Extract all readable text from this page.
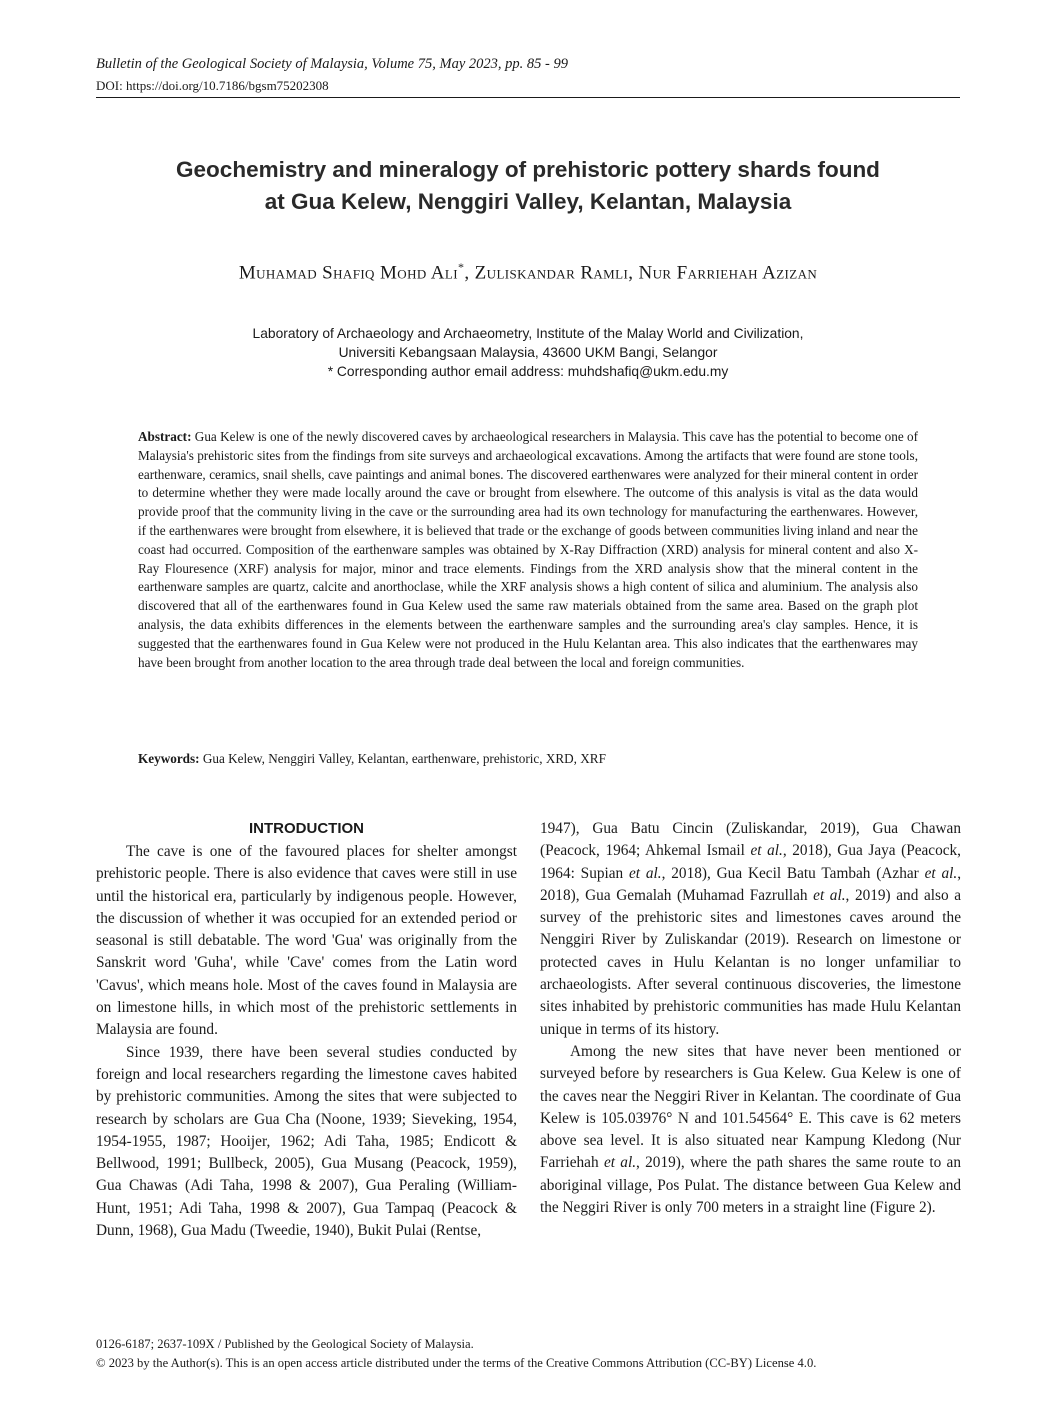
Bulletin of the Geological Society of Malaysia, Volume 75, May 2023, pp. 85 - 99
DOI: https://doi.org/10.7186/bgsm75202308
Geochemistry and mineralogy of prehistoric pottery shards found
at Gua Kelew, Nenggiri Valley, Kelantan, Malaysia
Muhamad Shafiq Mohd Ali*, Zuliskandar Ramli, Nur Farriehah Azizan
Laboratory of Archaeology and Archaeometry, Institute of the Malay World and Civilization,
Universiti Kebangsaan Malaysia, 43600 UKM Bangi, Selangor
* Corresponding author email address: muhdshafiq@ukm.edu.my
Abstract: Gua Kelew is one of the newly discovered caves by archaeological researchers in Malaysia. This cave has the potential to become one of Malaysia's prehistoric sites from the findings from site surveys and archaeological excavations. Among the artifacts that were found are stone tools, earthenware, ceramics, snail shells, cave paintings and animal bones. The discovered earthenwares were analyzed for their mineral content in order to determine whether they were made locally around the cave or brought from elsewhere. The outcome of this analysis is vital as the data would provide proof that the community living in the cave or the surrounding area had its own technology for manufacturing the earthenwares. However, if the earthenwares were brought from elsewhere, it is believed that trade or the exchange of goods between communities living inland and near the coast had occurred. Composition of the earthenware samples was obtained by X-Ray Diffraction (XRD) analysis for mineral content and also X-Ray Flouresence (XRF) analysis for major, minor and trace elements. Findings from the XRD analysis show that the mineral content in the earthenware samples are quartz, calcite and anorthoclase, while the XRF analysis shows a high content of silica and aluminium. The analysis also discovered that all of the earthenwares found in Gua Kelew used the same raw materials obtained from the same area. Based on the graph plot analysis, the data exhibits differences in the elements between the earthenware samples and the surrounding area's clay samples. Hence, it is suggested that the earthenwares found in Gua Kelew were not produced in the Hulu Kelantan area. This also indicates that the earthenwares may have been brought from another location to the area through trade deal between the local and foreign communities.
Keywords: Gua Kelew, Nenggiri Valley, Kelantan, earthenware, prehistoric, XRD, XRF
INTRODUCTION

The cave is one of the favoured places for shelter amongst prehistoric people. There is also evidence that caves were still in use until the historical era, particularly by indigenous people. However, the discussion of whether it was occupied for an extended period or seasonal is still debatable. The word 'Gua' was originally from the Sanskrit word 'Guha', while 'Cave' comes from the Latin word 'Cavus', which means hole. Most of the caves found in Malaysia are on limestone hills, in which most of the prehistoric settlements in Malaysia are found.

Since 1939, there have been several studies conducted by foreign and local researchers regarding the limestone caves habited by prehistoric communities. Among the sites that were subjected to research by scholars are Gua Cha (Noone, 1939; Sieveking, 1954, 1954-1955, 1987; Hooijer, 1962; Adi Taha, 1985; Endicott & Bellwood, 1991; Bullbeck, 2005), Gua Musang (Peacock, 1959), Gua Chawas (Adi Taha, 1998 & 2007), Gua Peraling (William-Hunt, 1951; Adi Taha, 1998 & 2007), Gua Tampaq (Peacock & Dunn, 1968), Gua Madu (Tweedie, 1940), Bukit Pulai (Rentse,

1947), Gua Batu Cincin (Zuliskandar, 2019), Gua Chawan (Peacock, 1964; Ahkemal Ismail et al., 2018), Gua Jaya (Peacock, 1964: Supian et al., 2018), Gua Kecil Batu Tambah (Azhar et al., 2018), Gua Gemalah (Muhamad Fazrullah et al., 2019) and also a survey of the prehistoric sites and limestones caves around the Nenggiri River by Zuliskandar (2019). Research on limestone or protected caves in Hulu Kelantan is no longer unfamiliar to archaeologists. After several continuous discoveries, the limestone sites inhabited by prehistoric communities has made Hulu Kelantan unique in terms of its history.

Among the new sites that have never been mentioned or surveyed before by researchers is Gua Kelew. Gua Kelew is one of the caves near the Neggiri River in Kelantan. The coordinate of Gua Kelew is 105.03976° N and 101.54564° E. This cave is 62 meters above sea level. It is also situated near Kampung Kledong (Nur Farriehah et al., 2019), where the path shares the same route to an aboriginal village, Pos Pulat. The distance between Gua Kelew and the Neggiri River is only 700 meters in a straight line (Figure 2).

0126-6187; 2637-109X / Published by the Geological Society of Malaysia.
© 2023 by the Author(s). This is an open access article distributed under the terms of the Creative Commons Attribution (CC-BY) License 4.0.
